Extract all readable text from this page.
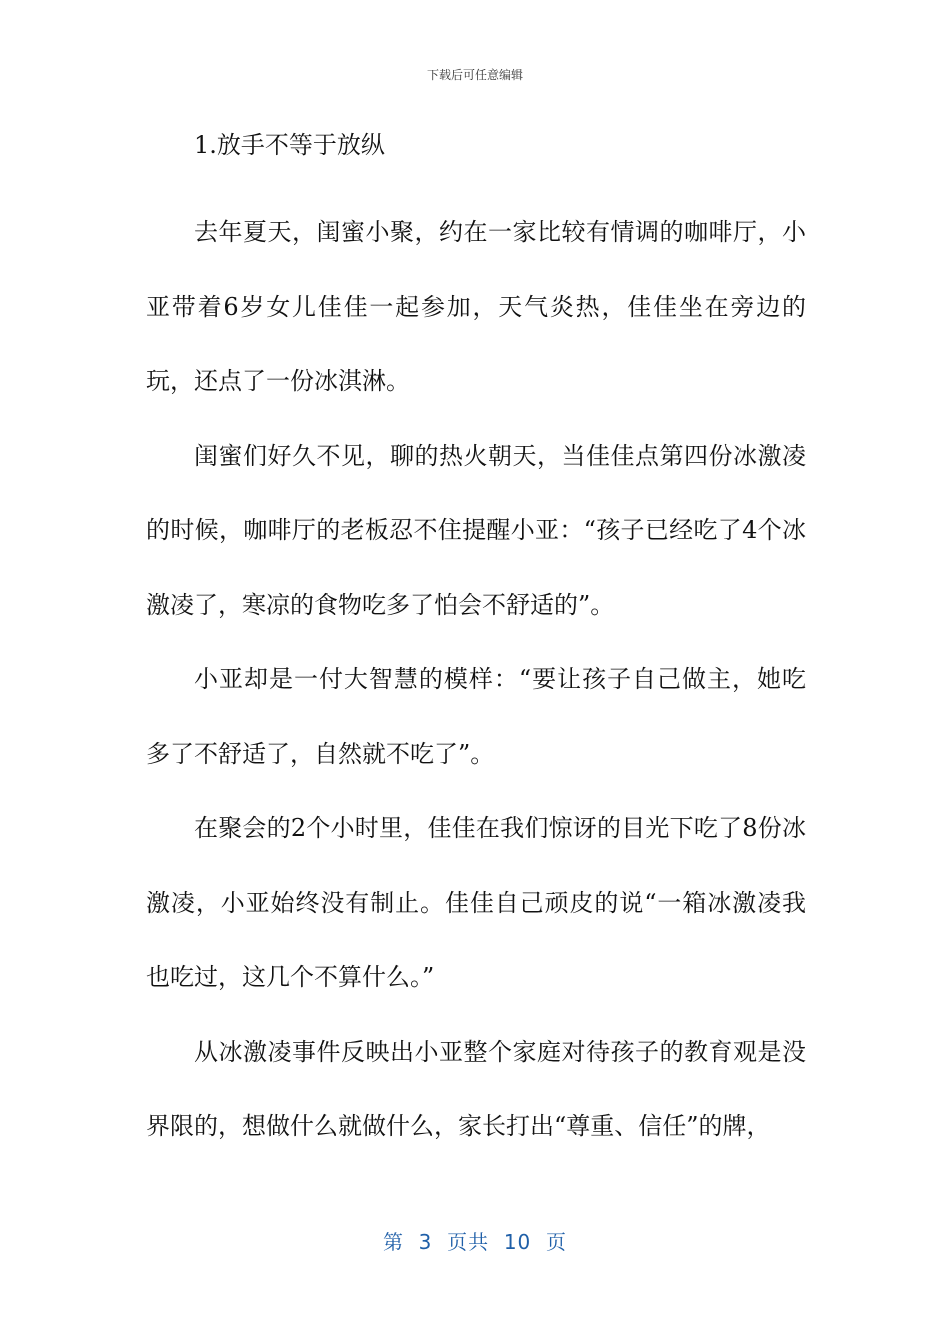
下载后可任意编辑

1.放手不等于放纵

去年夏天，闺蜜小聚，约在一家比较有情调的咖啡厅，小亚带着6岁女儿佳佳一起参加，天气炎热，佳佳坐在旁边的玩，还点了一份冰淇淋。

闺蜜们好久不见，聊的热火朝天，当佳佳点第四份冰激凌的时候，咖啡厅的老板忍不住提醒小亚：“孩子已经吃了4个冰激凌了，寒凉的食物吃多了怕会不舒适的”。

小亚却是一付大智慧的模样：“要让孩子自己做主，她吃多了不舒适了，自然就不吃了”。

在聚会的2个小时里，佳佳在我们惊讶的目光下吃了8份冰激凌，小亚始终没有制止。佳佳自己顽皮的说“一箱冰激凌我也吃过，这几个不算什么。”

从冰激凌事件反映出小亚整个家庭对待孩子的教育观是没界限的，想做什么就做什么，家长打出“尊重、信任”的牌，

第  3  页共  10  页
